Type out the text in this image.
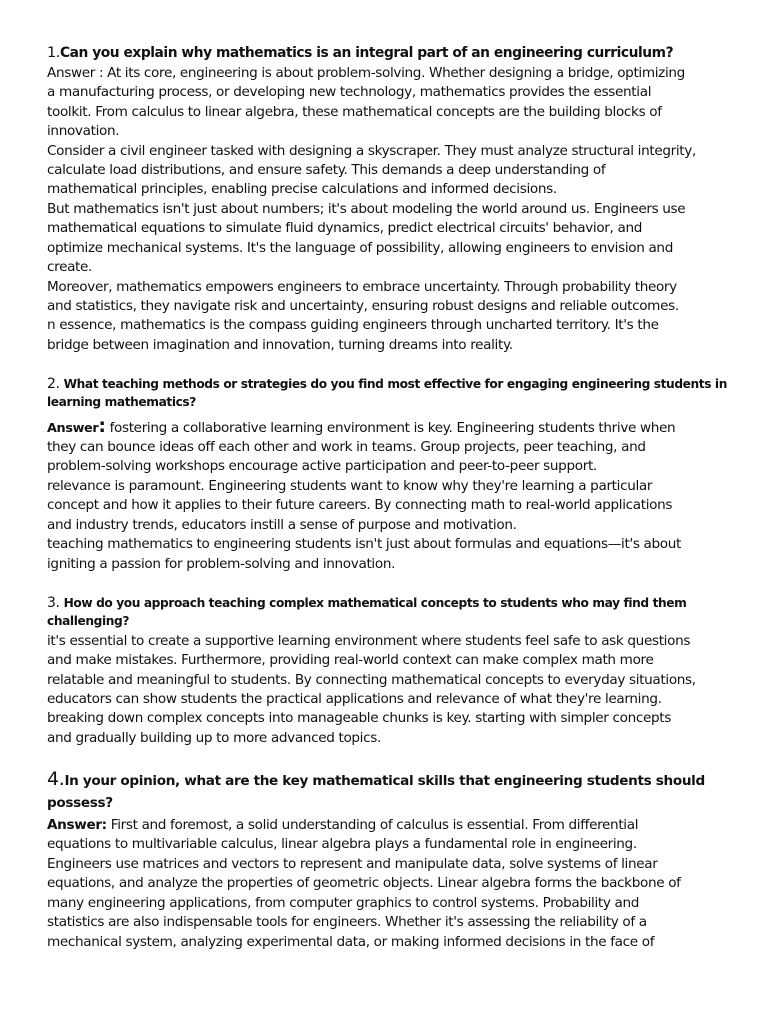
1.Can you explain why mathematics is an integral part of an engineering curriculum?
Answer : At its core, engineering is about problem-solving. Whether designing a bridge, optimizing
a manufacturing process, or developing new technology, mathematics provides the essential
toolkit. From calculus to linear algebra, these mathematical concepts are the building blocks of
innovation.
Consider a civil engineer tasked with designing a skyscraper. They must analyze structural integrity,
calculate load distributions, and ensure safety. This demands a deep understanding of
mathematical principles, enabling precise calculations and informed decisions.
But mathematics isn't just about numbers; it's about modeling the world around us. Engineers use
mathematical equations to simulate fluid dynamics, predict electrical circuits' behavior, and
optimize mechanical systems. It's the language of possibility, allowing engineers to envision and
create.
Moreover, mathematics empowers engineers to embrace uncertainty. Through probability theory
and statistics, they navigate risk and uncertainty, ensuring robust designs and reliable outcomes.
n essence, mathematics is the compass guiding engineers through uncharted territory. It's the
bridge between imagination and innovation, turning dreams into reality.
2. What teaching methods or strategies do you find most effective for engaging engineering students in
learning mathematics?
Answer: fostering a collaborative learning environment is key. Engineering students thrive when
they can bounce ideas off each other and work in teams. Group projects, peer teaching, and
problem-solving workshops encourage active participation and peer-to-peer support.
relevance is paramount. Engineering students want to know why they're learning a particular
concept and how it applies to their future careers. By connecting math to real-world applications
and industry trends, educators instill a sense of purpose and motivation.
teaching mathematics to engineering students isn't just about formulas and equations—it's about
igniting a passion for problem-solving and innovation.
3. How do you approach teaching complex mathematical concepts to students who may find them
challenging?
it's essential to create a supportive learning environment where students feel safe to ask questions
and make mistakes. Furthermore, providing real-world context can make complex math more
relatable and meaningful to students. By connecting mathematical concepts to everyday situations,
educators can show students the practical applications and relevance of what they're learning.
breaking down complex concepts into manageable chunks is key. starting with simpler concepts
and gradually building up to more advanced topics.
4.In your opinion, what are the key mathematical skills that engineering students should
possess?
Answer: First and foremost, a solid understanding of calculus is essential. From differential
equations to multivariable calculus, linear algebra plays a fundamental role in engineering.
Engineers use matrices and vectors to represent and manipulate data, solve systems of linear
equations, and analyze the properties of geometric objects. Linear algebra forms the backbone of
many engineering applications, from computer graphics to control systems. Probability and
statistics are also indispensable tools for engineers. Whether it's assessing the reliability of a
mechanical system, analyzing experimental data, or making informed decisions in the face of
